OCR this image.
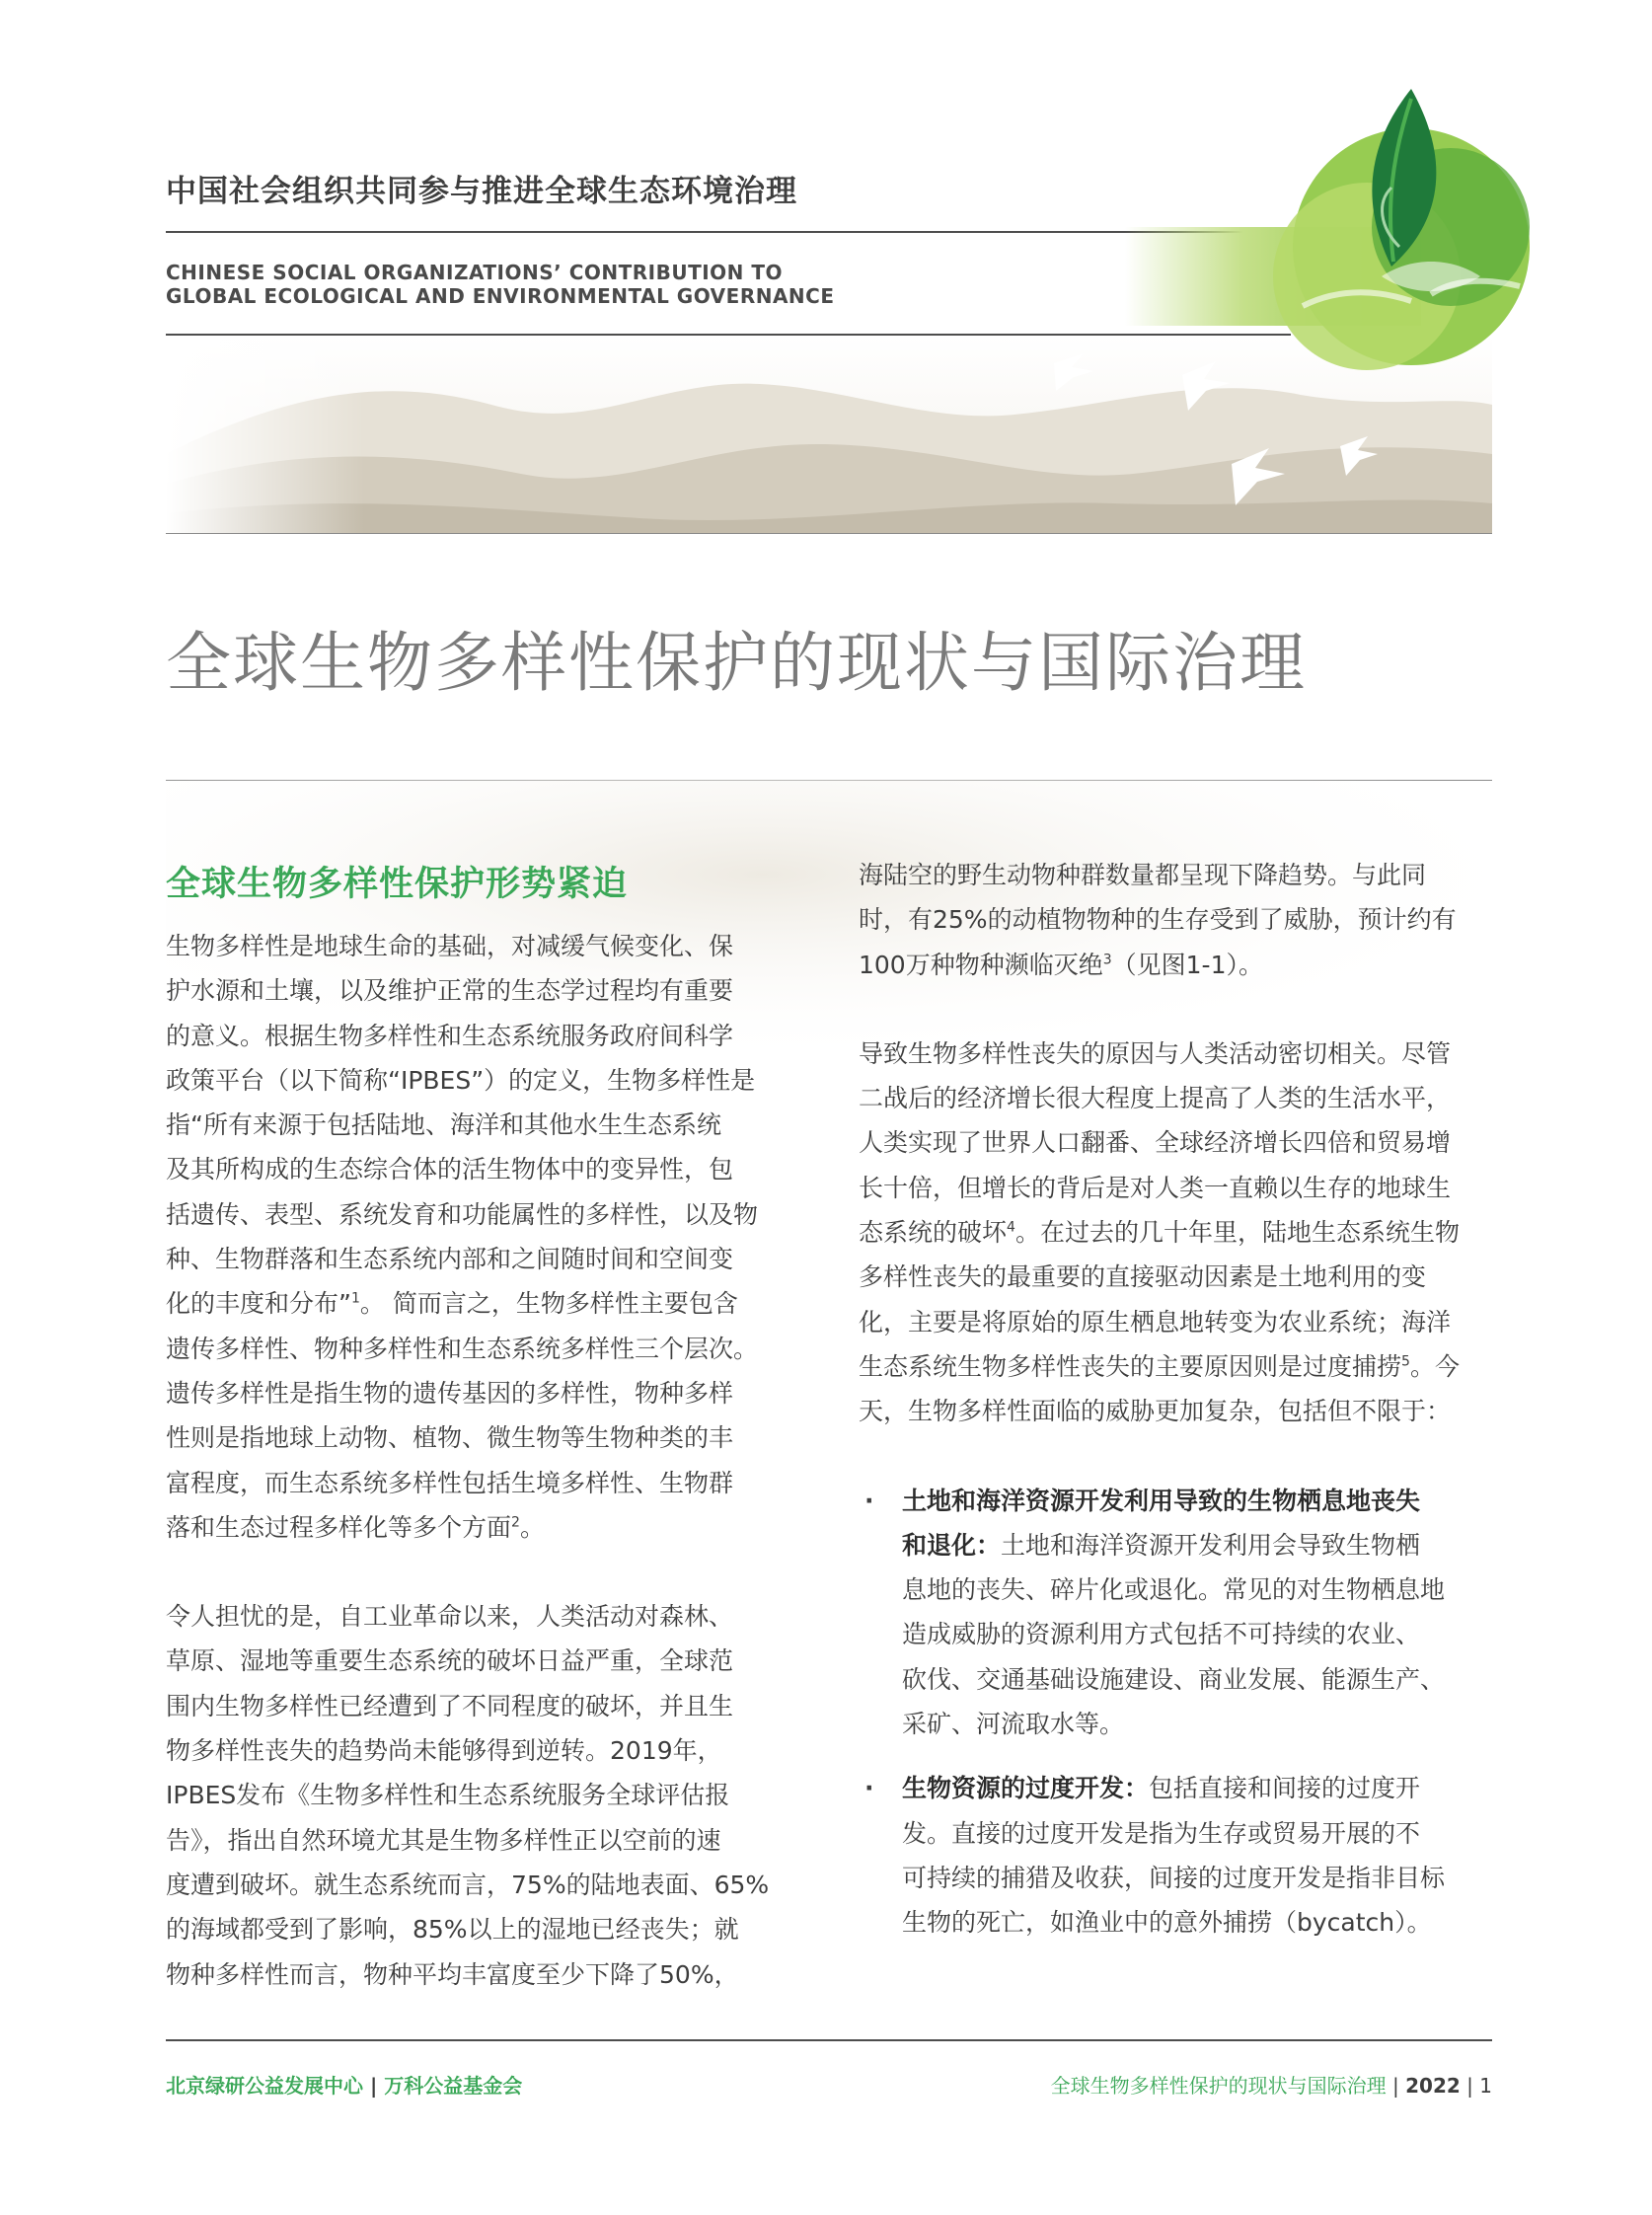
中国社会组织共同参与推进全球生态环境治理
CHINESE SOCIAL ORGANIZATIONS’ CONTRIBUTION TO
GLOBAL ECOLOGICAL AND ENVIRONMENTAL GOVERNANCE
全球生物多样性保护的现状与国际治理
全球生物多样性保护形势紧迫

生物多样性是地球生命的基础，对减缓气候变化、保
护水源和土壤，以及维护正常的生态学过程均有重要
的意义。根据生物多样性和生态系统服务政府间科学
政策平台（以下简称“IPBES”）的定义，生物多样性是
指“所有来源于包括陆地、海洋和其他水生生态系统
及其所构成的生态综合体的活生物体中的变异性，包
括遗传、表型、系统发育和功能属性的多样性，以及物
种、生物群落和生态系统内部和之间随时间和空间变
化的丰度和分布”$^1$。 简而言之，生物多样性主要包含
遗传多样性、物种多样性和生态系统多样性三个层次。
遗传多样性是指生物的遗传基因的多样性，物种多样
性则是指地球上动物、植物、微生物等生物种类的丰
富程度，而生态系统多样性包括生境多样性、生物群
落和生态过程多样化等多个方面$^2$。

令人担忧的是，自工业革命以来，人类活动对森林、
草原、湿地等重要生态系统的破坏日益严重，全球范
围内生物多样性已经遭到了不同程度的破坏，并且生
物多样性丧失的趋势尚未能够得到逆转。2019年，
IPBES发布《生物多样性和生态系统服务全球评估报
告》，指出自然环境尤其是生物多样性正以空前的速
度遭到破坏。就生态系统而言，75%的陆地表面、65%
的海域都受到了影响，85%以上的湿地已经丧失；就
物种多样性而言，物种平均丰富度至少下降了50%，

海陆空的野生动物种群数量都呈现下降趋势。与此同
时，有25%的动植物物种的生存受到了威胁，预计约有
100万种物种濒临灭绝$^3$（见图1-1）。

导致生物多样性丧失的原因与人类活动密切相关。尽管
二战后的经济增长很大程度上提高了人类的生活水平，
人类实现了世界人口翻番、全球经济增长四倍和贸易增
长十倍，但增长的背后是对人类一直赖以生存的地球生
态系统的破坏$^4$。在过去的几十年里，陆地生态系统生物
多样性丧失的最重要的直接驱动因素是土地利用的变
化，主要是将原始的原生栖息地转变为农业系统；海洋
生态系统生物多样性丧失的主要原因则是过度捕捞$^5$。今
天，生物多样性面临的威胁更加复杂，包括但不限于：

· 土地和海洋资源开发利用导致的生物栖息地丧失
和退化：土地和海洋资源开发利用会导致生物栖
息地的丧失、碎片化或退化。常见的对生物栖息地
造成威胁的资源利用方式包括不可持续的农业、
砍伐、交通基础设施建设、商业发展、能源生产、
采矿、河流取水等。
· 生物资源的过度开发：包括直接和间接的过度开
发。直接的过度开发是指为生存或贸易开展的不
可持续的捕猎及收获，间接的过度开发是指非目标
生物的死亡，如渔业中的意外捕捞（bycatch）。
北京绿研公益发展中心 | 万科公益基金会	全球生物多样性保护的现状与国际治理 | 2022 | 1
